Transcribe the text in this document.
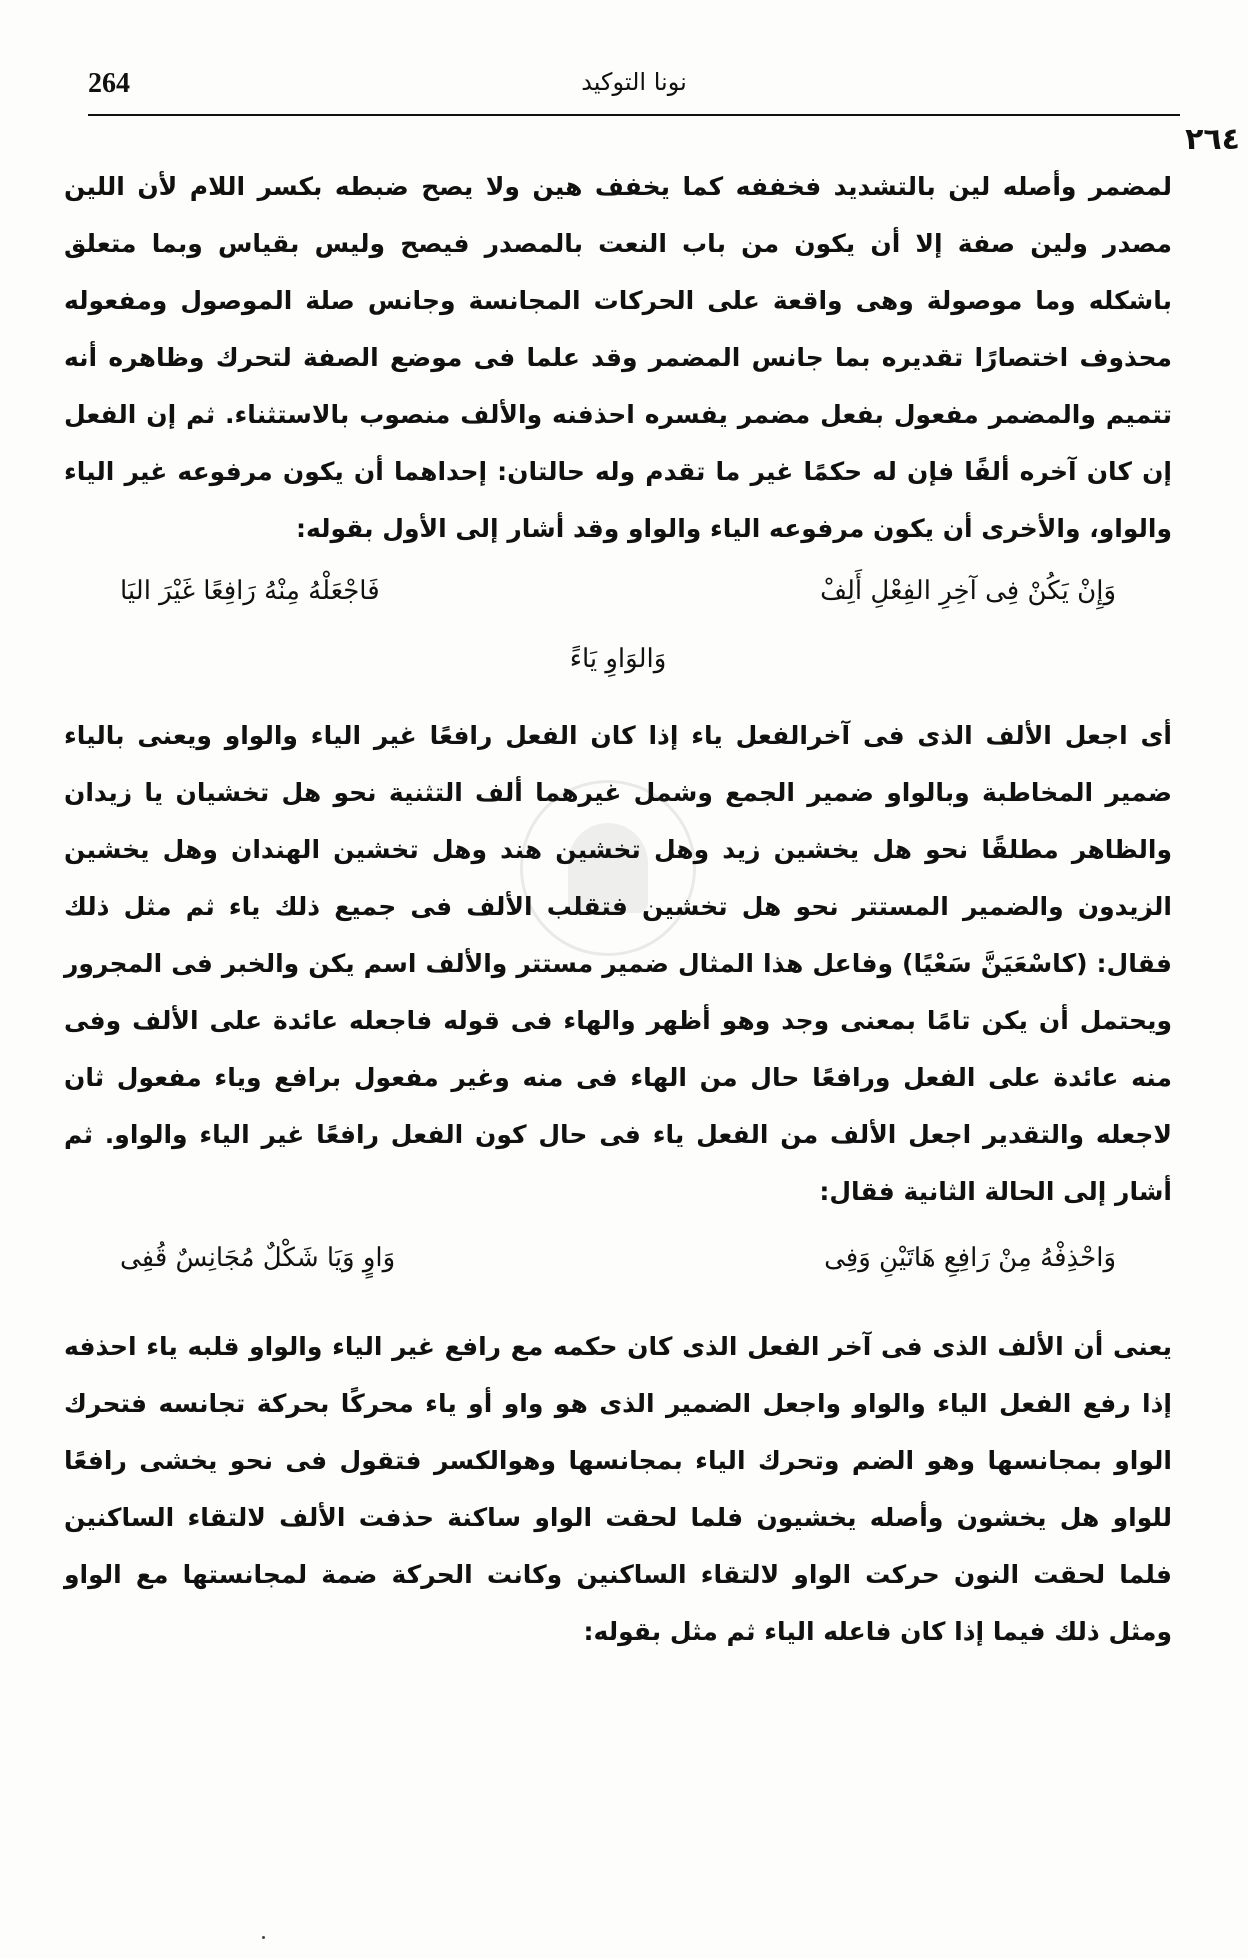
264	نونا التوكيد
٢٦٤

لمضمر وأصله لين بالتشديد فخففه كما يخفف هين ولا يصح ضبطه بكسر اللام لأن اللين مصدر ولين صفة إلا أن يكون من باب النعت بالمصدر فيصح وليس بقياس وبما متعلق باشكله وما موصولة وهى واقعة على الحركات المجانسة وجانس صلة الموصول ومفعوله محذوف اختصارًا تقديره بما جانس المضمر وقد علما فى موضع الصفة لتحرك وظاهره أنه تتميم والمضمر مفعول بفعل مضمر يفسره احذفنه والألف منصوب بالاستثناء. ثم إن الفعل إن كان آخره ألفًا فإن له حكمًا غير ما تقدم وله حالتان: إحداهما أن يكون مرفوعه غير الياء والواو، والأخرى أن يكون مرفوعه الياء والواو وقد أشار إلى الأول بقوله:

وَإِنْ يَكُنْ فِى آخِرِ الفِعْلِ أَلِفْ
فَاجْعَلْهُ مِنْهُ رَافِعًا غَيْرَ اليَا
وَالوَاوِ يَاءً

أى اجعل الألف الذى فى آخرالفعل ياء إذا كان الفعل رافعًا غير الياء والواو ويعنى بالياء ضمير المخاطبة وبالواو ضمير الجمع وشمل غيرهما ألف التثنية نحو هل تخشيان يا زيدان والظاهر مطلقًا نحو هل يخشين زيد وهل تخشين هند وهل تخشين الهندان وهل يخشين الزيدون والضمير المستتر نحو هل تخشين فتقلب الألف فى جميع ذلك ياء ثم مثل ذلك فقال: (كاسْعَيَنَّ سَعْيًا) وفاعل هذا المثال ضمير مستتر والألف اسم يكن والخبر فى المجرور ويحتمل أن يكن تامًا بمعنى وجد وهو أظهر والهاء فى قوله فاجعله عائدة على الألف وفى منه عائدة على الفعل ورافعًا حال من الهاء فى منه وغير مفعول برافع وياء مفعول ثان لاجعله والتقدير اجعل الألف من الفعل ياء فى حال كون الفعل رافعًا غير الياء والواو. ثم أشار إلى الحالة الثانية فقال:

وَاحْذِفْهُ مِنْ رَافِعِ هَاتَيْنِ وَفِى
وَاوٍ وَيَا شَكْلٌ مُجَانِسٌ قُفِى

يعنى أن الألف الذى فى آخر الفعل الذى كان حكمه مع رافع غير الياء والواو قلبه ياء احذفه إذا رفع الفعل الياء والواو واجعل الضمير الذى هو واو أو ياء محركًا بحركة تجانسه فتحرك الواو بمجانسها وهو الضم وتحرك الياء بمجانسها وهوالكسر فتقول فى نحو يخشى رافعًا للواو هل يخشون وأصله يخشيون فلما لحقت الواو ساكنة حذفت الألف لالتقاء الساكنين فلما لحقت النون حركت الواو لالتقاء الساكنين وكانت الحركة ضمة لمجانستها مع الواو ومثل ذلك فيما إذا كان فاعله الياء ثم مثل بقوله:
